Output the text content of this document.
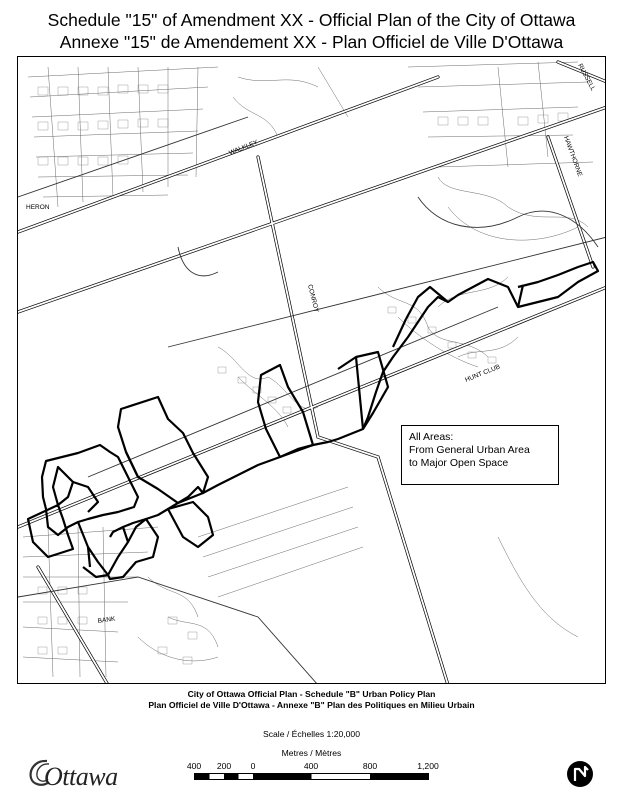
Schedule "15" of Amendment XX - Official Plan of the City of Ottawa
Annexe "15" de Amendement XX - Plan Officiel de Ville D'Ottawa
WALKLEY
HERON
CONROY
HUNT CLUB
BANK
RUSSELL
HAWTHORNE
All Areas:
From General Urban Area
to Major Open Space
City of Ottawa Official Plan - Schedule "B" Urban Policy Plan
Plan Officiel de Ville D'Ottawa - Annexe "B" Plan des Politiques en Milieu Urbain
Scale / Échelles 1:20,000
Metres / Mètres
400 200 0	400	800	1,200
Ottawa
